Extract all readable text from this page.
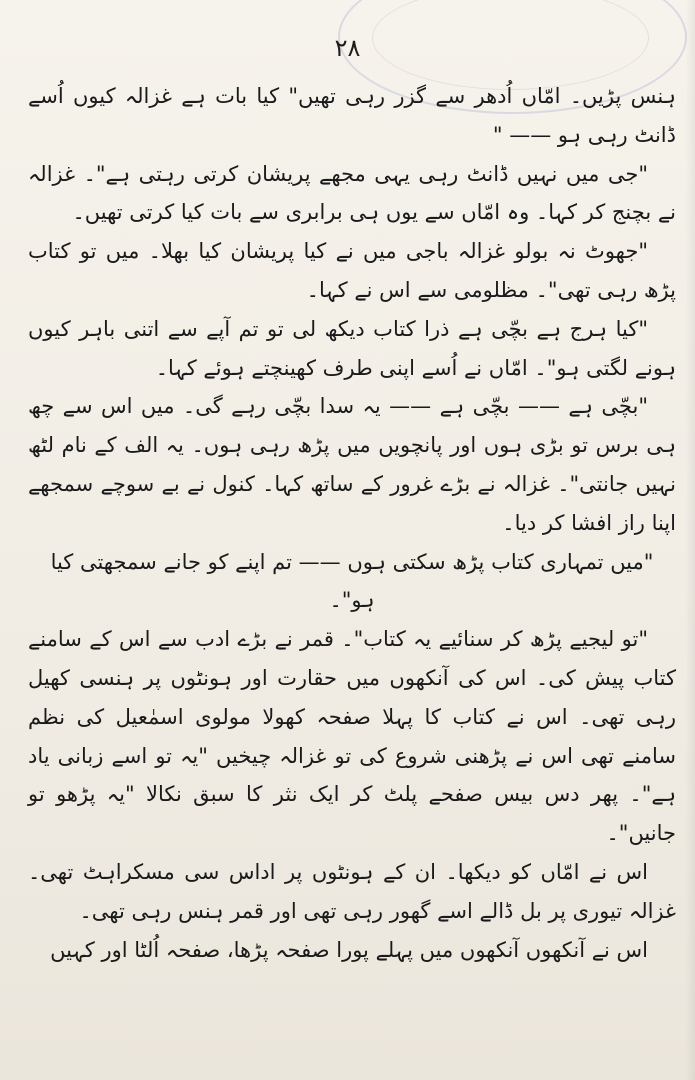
۲۸

ہنس پڑیں۔ امّاں اُدھر سے گزر رہی تھیں" کیا بات ہے غزالہ کیوں اُسے ڈانٹ رہی ہو —— "

"جی میں نہیں ڈانٹ رہی یہی مجھے پریشان کرتی رہتی ہے"۔ غزالہ نے بچنج کر کہا۔ وہ امّاں سے یوں ہی برابری سے بات کیا کرتی تھیں۔

"جھوٹ نہ بولو غزالہ باجی میں نے کیا پریشان کیا بھلا۔ میں تو کتاب پڑھ رہی تھی"۔ مظلومی سے اس نے کہا۔

"کیا ہرج ہے بچّی ہے ذرا کتاب دیکھ لی تو تم آپے سے اتنی باہر کیوں ہونے لگتی ہو"۔ امّاں نے اُسے اپنی طرف کھینچتے ہوئے کہا۔

"بچّی ہے —— بچّی ہے —— یہ سدا بچّی رہے گی۔ میں اس سے چھ ہی برس تو بڑی ہوں اور پانچویں میں پڑھ رہی ہوں۔ یہ الف کے نام لٹھ نہیں جانتی"۔ غزالہ نے بڑے غرور کے ساتھ کہا۔ کنول نے بے سوچے سمجھے اپنا راز افشا کر دیا۔

"میں تمہاری کتاب پڑھ سکتی ہوں —— تم اپنے کو جانے سمجھتی کیا ہو"۔

"تو لیجیے پڑھ کر سنائیے یہ کتاب"۔ قمر نے بڑے ادب سے اس کے سامنے کتاب پیش کی۔ اس کی آنکھوں میں حقارت اور ہونٹوں پر ہنسی کھیل رہی تھی۔ اس نے کتاب کا پہلا صفحہ کھولا مولوی اسمٰعیل کی نظم سامنے تھی اس نے پڑھنی شروع کی تو غزالہ چیخیں "یہ تو اسے زبانی یاد ہے"۔ پھر دس بیس صفحے پلٹ کر ایک نثر کا سبق نکالا "یہ پڑھو تو جانیں"۔

اس نے امّاں کو دیکھا۔ ان کے ہونٹوں پر اداس سی مسکراہٹ تھی۔ غزالہ تیوری پر بل ڈالے اسے گھور رہی تھی اور قمر ہنس رہی تھی۔

اس نے آنکھوں آنکھوں میں پہلے پورا صفحہ پڑھا، صفحہ اُلٹا اور کہیں
